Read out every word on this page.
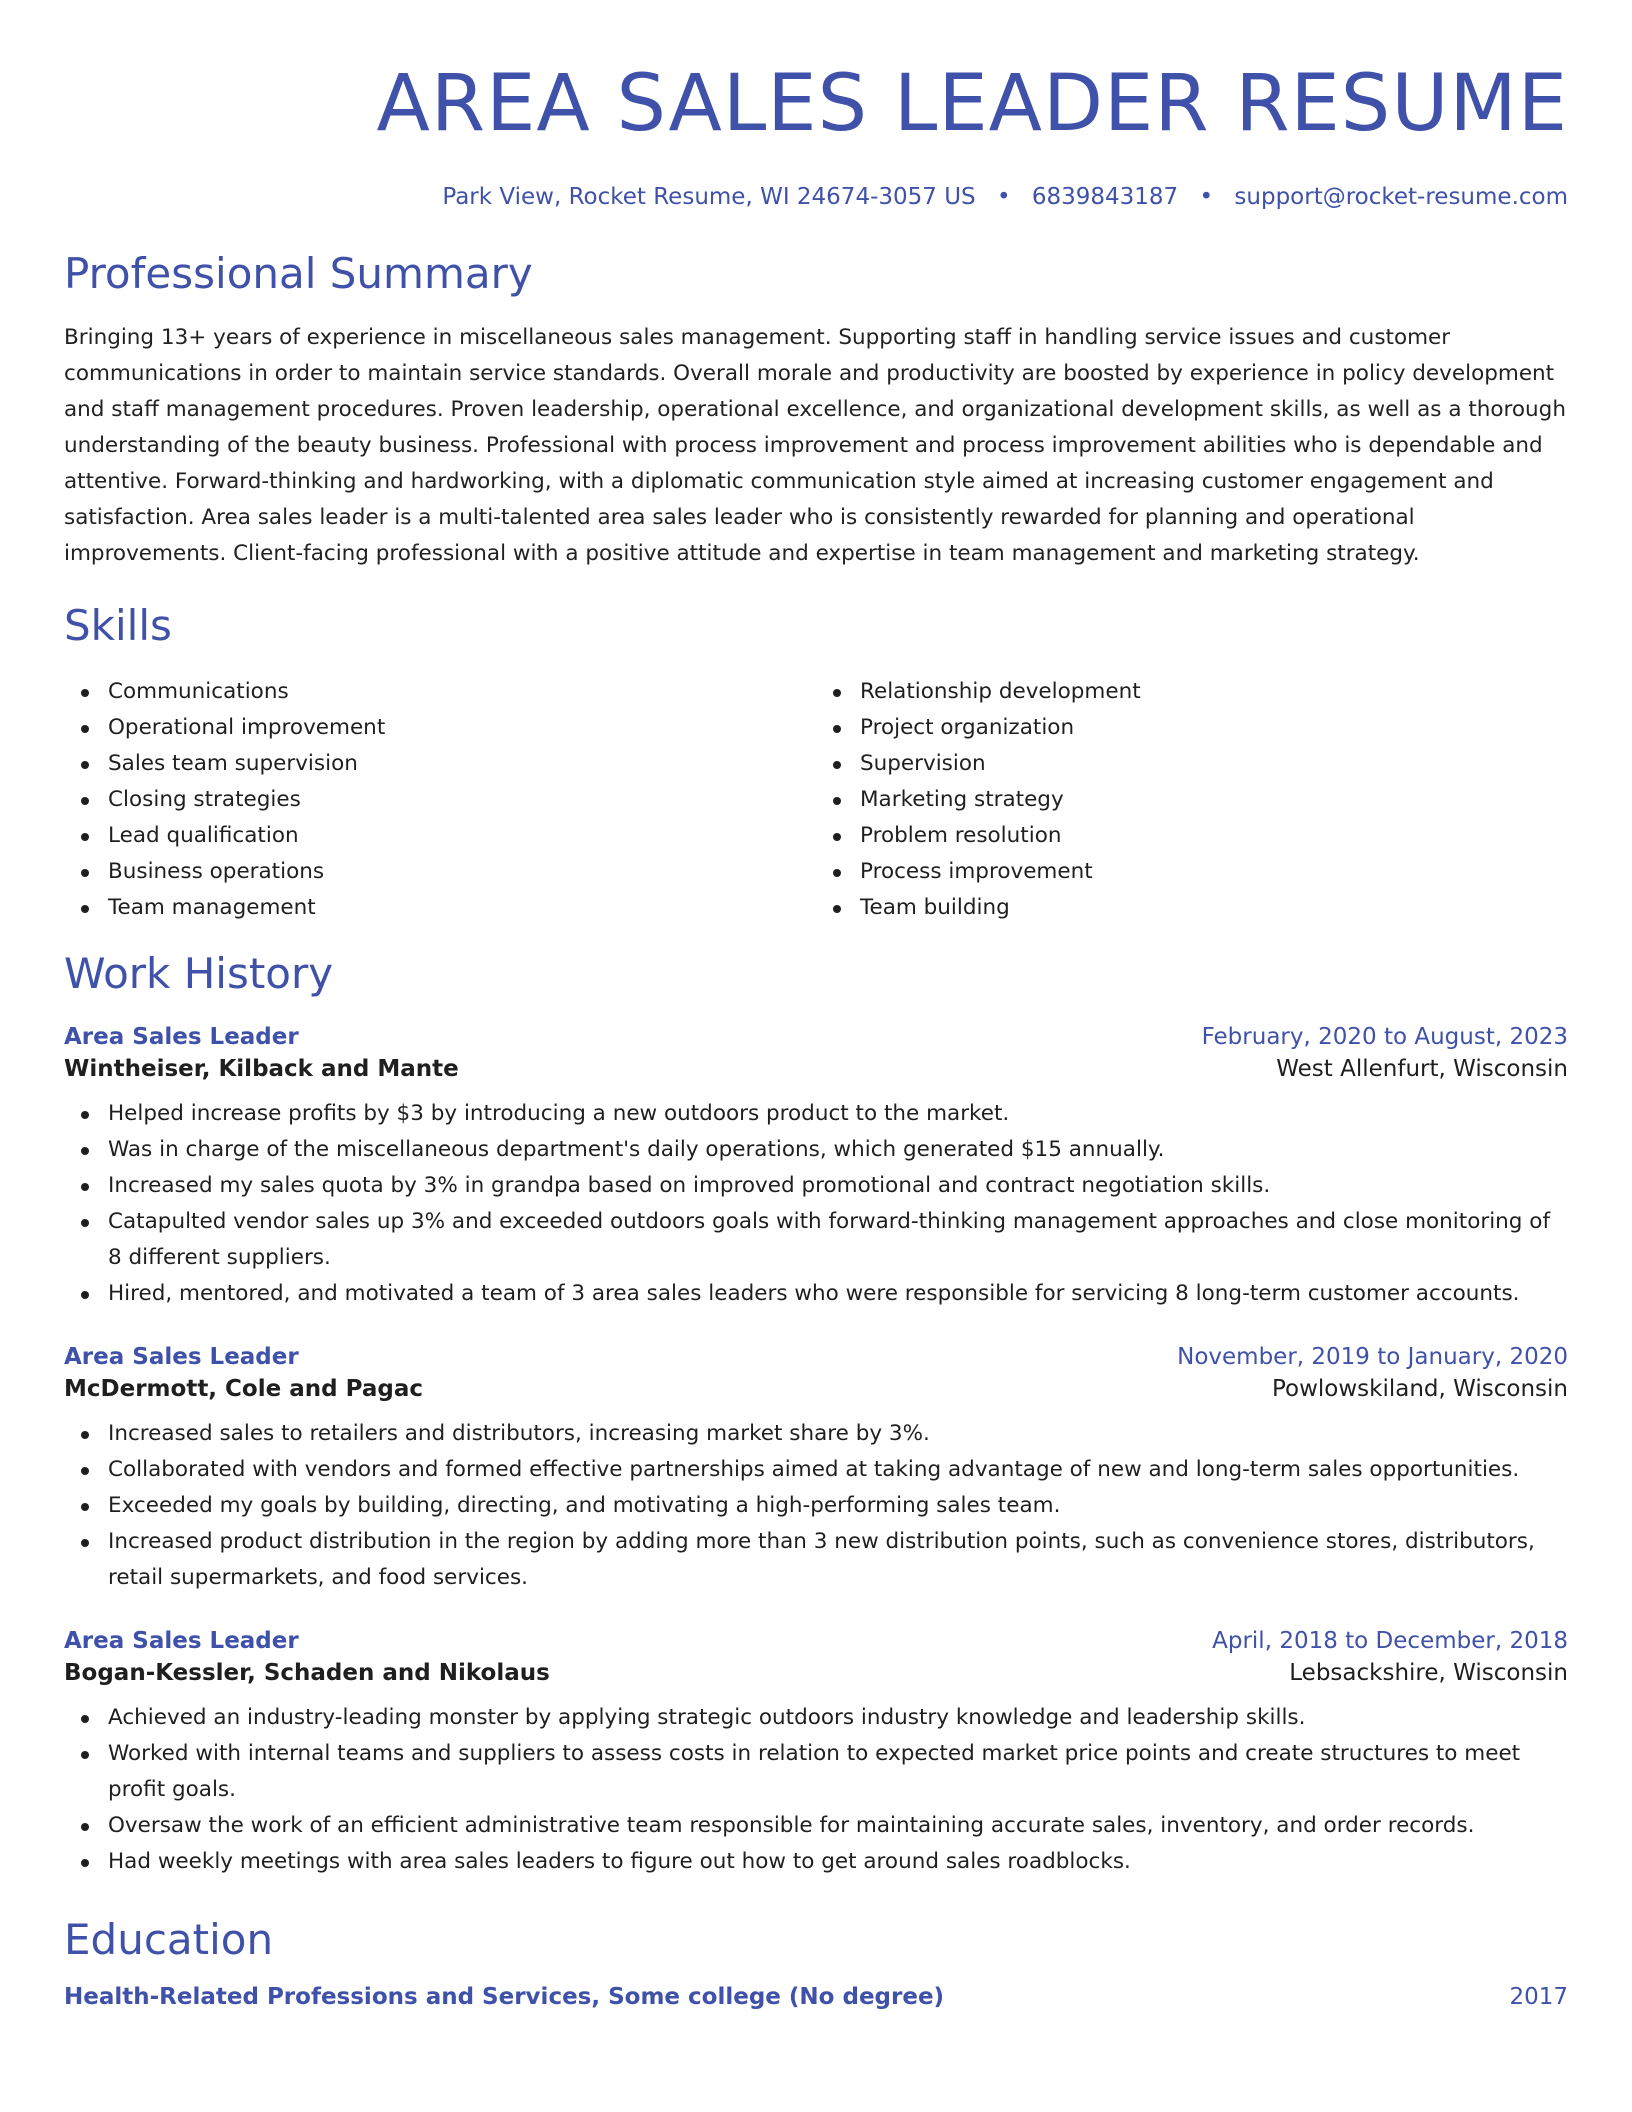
AREA SALES LEADER RESUME
Park View, Rocket Resume, WI 24674-3057 US • 6839843187 • support@rocket-resume.com
Professional Summary

Bringing 13+ years of experience in miscellaneous sales management. Supporting staff in handling service issues and customer communications in order to maintain service standards. Overall morale and productivity are boosted by experience in policy development and staff management procedures. Proven leadership, operational excellence, and organizational development skills, as well as a thorough understanding of the beauty business. Professional with process improvement and process improvement abilities who is dependable and attentive. Forward-thinking and hardworking, with a diplomatic communication style aimed at increasing customer engagement and satisfaction. Area sales leader is a multi-talented area sales leader who is consistently rewarded for planning and operational improvements. Client-facing professional with a positive attitude and expertise in team management and marketing strategy.

Skills
Communications
Operational improvement
Sales team supervision
Closing strategies
Lead qualification
Business operations
Team management
Relationship development
Project organization
Supervision
Marketing strategy
Problem resolution
Process improvement
Team building
Work History
Area Sales Leader	February, 2020 to August, 2023
Wintheiser, Kilback and Mante	West Allenfurt, Wisconsin
Helped increase profits by $3 by introducing a new outdoors product to the market.
Was in charge of the miscellaneous department's daily operations, which generated $15 annually.
Increased my sales quota by 3% in grandpa based on improved promotional and contract negotiation skills.
Catapulted vendor sales up 3% and exceeded outdoors goals with forward-thinking management approaches and close monitoring of 8 different suppliers.
Hired, mentored, and motivated a team of 3 area sales leaders who were responsible for servicing 8 long-term customer accounts.
Area Sales Leader	November, 2019 to January, 2020
McDermott, Cole and Pagac	Powlowskiland, Wisconsin
Increased sales to retailers and distributors, increasing market share by 3%.
Collaborated with vendors and formed effective partnerships aimed at taking advantage of new and long-term sales opportunities.
Exceeded my goals by building, directing, and motivating a high-performing sales team.
Increased product distribution in the region by adding more than 3 new distribution points, such as convenience stores, distributors, retail supermarkets, and food services.
Area Sales Leader	April, 2018 to December, 2018
Bogan-Kessler, Schaden and Nikolaus	Lebsackshire, Wisconsin
Achieved an industry-leading monster by applying strategic outdoors industry knowledge and leadership skills.
Worked with internal teams and suppliers to assess costs in relation to expected market price points and create structures to meet profit goals.
Oversaw the work of an efficient administrative team responsible for maintaining accurate sales, inventory, and order records.
Had weekly meetings with area sales leaders to figure out how to get around sales roadblocks.
Education
Health-Related Professions and Services, Some college (No degree)	2017
